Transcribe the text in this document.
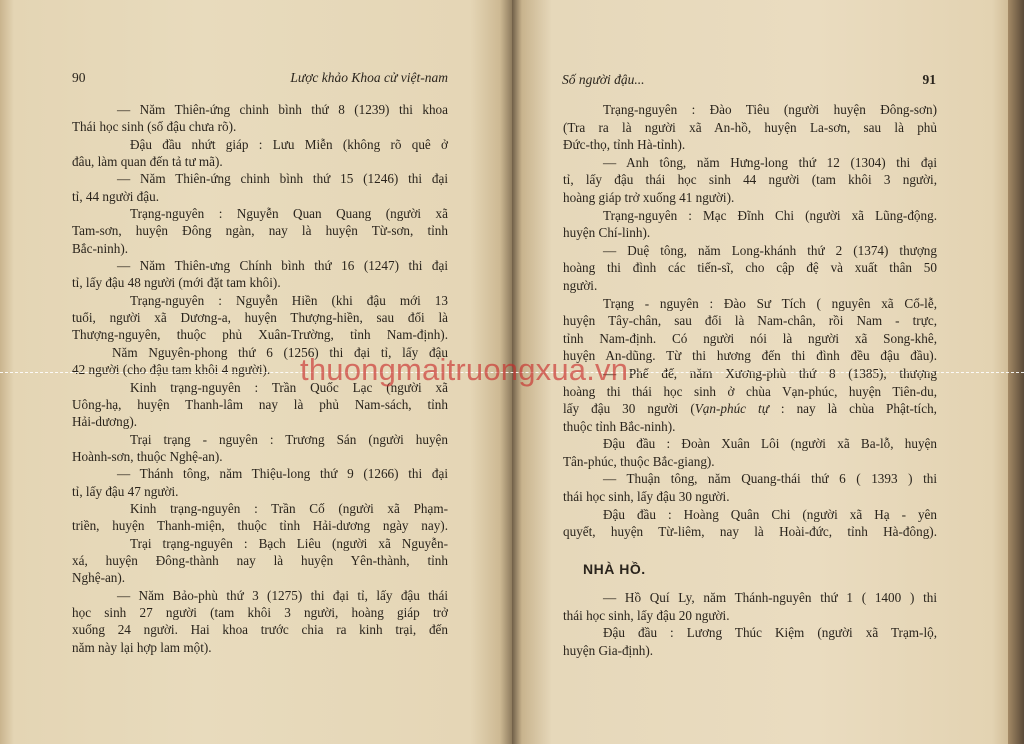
90	Lược khảo Khoa cử việt-nam	Số người đậu...	91
— Năm Thiên-ứng chinh bình thứ 8 (1239) thi khoa
Thái học sinh (số đậu chưa rõ).
Đậu đầu nhứt giáp : Lưu Miễn (không rõ quê ở
đâu, làm quan đến tả tư mã).
— Năm Thiên-ứng chinh bình thứ 15 (1246) thi đại
tỉ, 44 người đậu.
Trạng-nguyên : Nguyễn Quan Quang (người xã
Tam-sơn, huyện Đông ngàn, nay là huyện Từ-sơn, tỉnh
Bắc-ninh).
— Năm Thiên-ưng Chính bình thứ 16 (1247) thi đại
tỉ, lấy đậu 48 người (mới đặt tam khôi).
Trạng-nguyên : Nguyễn Hiền (khi đậu mới 13
tuổi, người xã Dương-a, huyện Thượng-hiền, sau đổi là
Thượng-nguyên, thuộc phủ Xuân-Trường, tỉnh Nam-định).
Năm Nguyên-phong thứ 6 (1256) thi đại tỉ, lấy đậu
42 người (cho đậu tam khôi 4 người).
Kinh trạng-nguyên : Trần Quốc Lạc (người xã
Uông-hạ, huyện Thanh-lâm nay là phủ Nam-sách, tỉnh
Hải-dương).
Trại trạng - nguyên : Trương Sán (người huyện
Hoành-sơn, thuộc Nghệ-an).
— Thánh tông, năm Thiệu-long thứ 9 (1266) thi đại
tỉ, lấy đậu 47 người.
Kinh trạng-nguyên : Trần Cố (người xã Phạm-
triền, huyện Thanh-miện, thuộc tỉnh Hải-dương ngày nay).
Trại trạng-nguyên : Bạch Liêu (người xã Nguyễn-
xá, huyện Đông-thành nay là huyện Yên-thành, tỉnh
Nghệ-an).
— Năm Bảo-phù thứ 3 (1275) thi đại tỉ, lấy đậu thái
học sinh 27 người (tam khôi 3 người, hoàng giáp trở
xuống 24 người. Hai khoa trước chia ra kinh trại, đến
năm này lại hợp lam một).
Trạng-nguyên : Đào Tiêu (người huyện Đông-sơn)
(Tra ra là người xã An-hồ, huyện La-sơn, sau là phủ
Đức-thọ, tỉnh Hà-tỉnh).
— Anh tông, năm Hưng-long thứ 12 (1304) thi đại
tỉ, lấy đậu thái học sinh 44 người (tam khôi 3 người,
hoàng giáp trở xuống 41 người).
Trạng-nguyên : Mạc Đĩnh Chi (người xã Lũng-động.
huyện Chí-linh).
— Duệ tông, năm Long-khánh thứ 2 (1374) thượng
hoàng thi đình các tiến-sĩ, cho cập đệ và xuất thân 50
người.
Trạng - nguyên : Đào Sư Tích ( nguyên xã Cổ-lễ,
huyện Tây-chân, sau đổi là Nam-chân, rồi Nam - trực,
tỉnh Nam-định. Có người nói là người xã Song-khê,
huyện An-dũng. Từ thi hương đến thi đình đều đậu đầu).
— Phế đế, năm Xương-phù thứ 8 (1385), thượng
hoàng thi thái học sinh ở chùa Vạn-phúc, huyện Tiên-du,
lấy đậu 30 người (Vạn-phúc tự : nay là chùa Phật-tích,
thuộc tỉnh Bắc-ninh).
Đậu đầu : Đoàn Xuân Lôi (người xã Ba-lỗ, huyện
Tân-phúc, thuộc Bắc-giang).
— Thuận tông, năm Quang-thái thứ 6 ( 1393 ) thi
thái học sinh, lấy đậu 30 người.
Đậu đầu : Hoàng Quân Chi (người xã Hạ - yên
quyết, huyện Từ-liêm, nay là Hoài-đức, tỉnh Hà-đông).
NHÀ HỒ.
— Hồ Quí Ly, năm Thánh-nguyên thứ 1 ( 1400 ) thi
thái học sinh, lấy đậu 20 người.
Đậu đầu : Lương Thúc Kiệm (người xã Trạm-lộ,
huyện Gia-định).
thuongmaitruongxua.vn
